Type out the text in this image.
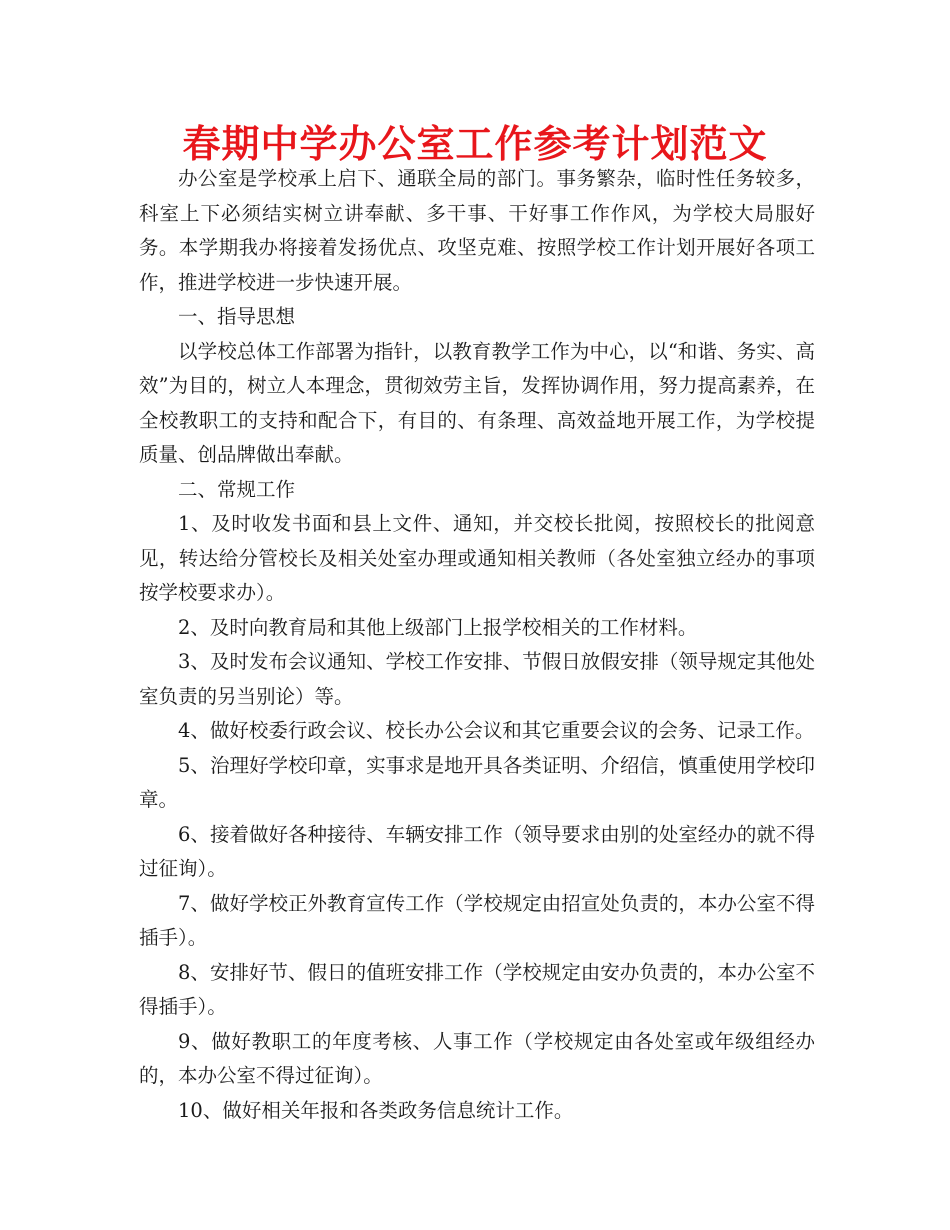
春期中学办公室工作参考计划范文

办公室是学校承上启下、通联全局的部门。事务繁杂，临时性任务较多，科室上下必须结实树立讲奉献、多干事、干好事工作作风，为学校大局服好务。本学期我办将接着发扬优点、攻坚克难、按照学校工作计划开展好各项工作，推进学校进一步快速开展。

一、指导思想

以学校总体工作部署为指针，以教育教学工作为中心，以“和谐、务实、高效”为目的，树立人本理念，贯彻效劳主旨，发挥协调作用，努力提高素养，在全校教职工的支持和配合下，有目的、有条理、高效益地开展工作，为学校提质量、创品牌做出奉献。

二、常规工作

1、及时收发书面和县上文件、通知，并交校长批阅，按照校长的批阅意见，转达给分管校长及相关处室办理或通知相关教师（各处室独立经办的事项按学校要求办）。

2、及时向教育局和其他上级部门上报学校相关的工作材料。

3、及时发布会议通知、学校工作安排、节假日放假安排（领导规定其他处室负责的另当别论）等。

4、做好校委行政会议、校长办公会议和其它重要会议的会务、记录工作。

5、治理好学校印章，实事求是地开具各类证明、介绍信，慎重使用学校印章。

6、接着做好各种接待、车辆安排工作（领导要求由别的处室经办的就不得过征询）。

7、做好学校正外教育宣传工作（学校规定由招宣处负责的，本办公室不得插手）。

8、安排好节、假日的值班安排工作（学校规定由安办负责的，本办公室不得插手）。

9、做好教职工的年度考核、人事工作（学校规定由各处室或年级组经办的，本办公室不得过征询）。

10、做好相关年报和各类政务信息统计工作。
